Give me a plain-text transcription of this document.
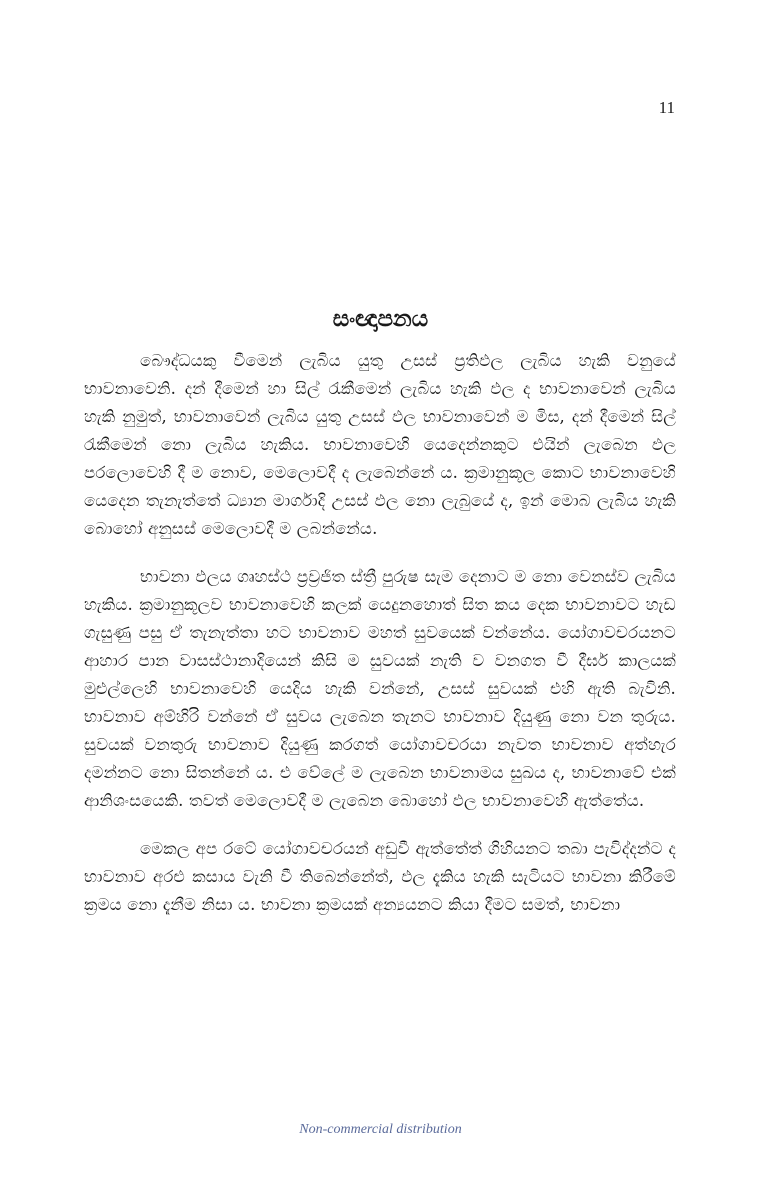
11
සංඥාපනය

බෞද්ධයකු වීමෙන් ලැබිය යුතු උසස් ප්‍රතිඵල ලැබිය හැකි වනුයේ භාවනාවෙනි. දන් දීමෙන් හා සිල් රැකීමෙන් ලැබිය හැකි ඵල ද භාවනාවෙන් ලැබිය හැකි නුමුත්, භාවනාවෙන් ලැබිය යුතු උසස් ඵල භාවනාවෙන් ම මිස, දන් දීමෙන් සිල් රැකීමෙන් නො ලැබිය හැකිය. භාවනාවෙහි යෙදෙන්නකුට එයින් ලැබෙන ඵල පරලොවෙහි දී ම නොව, මෙලොවදී ද ලැබෙන්නේ ය. ක්‍රමානුකූල කොට භාවනාවෙහි යෙදෙන තැනැත්තේ ධ්‍යාන මාර්ගාදි උසස් ඵල නො ලැබුයේ ද, ඉන් මොබ ලැබිය හැකි බොහෝ අනුසස් මෙලොවදී ම ලබන්නේය.

භාවනා ඵලය ගෘහස්ථ ප්‍රව්‍රජිත ස්ත්‍රී පුරුෂ සැම දෙනාට ම නො වෙනස්ව ලැබිය හැකිය. ක්‍රමානුකූලව භාවනාවෙහි කලක් යෙදුනහොත් සිත කය දෙක භාවනාවට හැඩ ගැසුණු පසු ඒ තැනැත්තා හට භාවනාව මහත් සුවයෙක් වන්නේය. යෝගාවචරයනට ආහාර පාන වාසස්ථානාදියෙන් කිසි ම සුවයක් නැති ව වනගත වී දීර්ඝ කාලයක් මුළුල්ලෙහි භාවනාවෙහි යෙදිය හැකි වන්නේ, උසස් සුවයක් එහි ඇති බැවිනි. භාවනාව අම්හිරි වන්නේ ඒ සුවය ලැබෙන තැනට භාවනාව දියුණු නො වන තුරුය. සුවයක් වනතුරු භාවනාව දියුණු කරගත් යෝගාවචරයා නැවත භාවනාව අත්හැර දමන්නට නො සිතන්නේ ය. එ වේලේ ම ලැබෙන භාවනාමය සුඛය ද, භාවනාවේ එක් ආනිශංසයෙකි. තවත් මෙලොවදී ම ලැබෙන බොහෝ ඵල භාවනාවෙහි ඇත්තේය.

මෙකල අප රටේ යෝගාවචරයන් අඩුවී ඇත්තේත් ගිහියනට තබා පැවිද්දන්ට ද භාවනාව අරළු කසාය වැනි වී තිබෙන්නේත්, ඵල දැකිය හැකි සැටියට භාවනා කිරීමේ ක්‍රමය නො දැනීම නිසා ය. භාවනා ක්‍රමයක් අන්‍යයනට කියා දීමට සමත්, භාවනා

Non-commercial distribution
